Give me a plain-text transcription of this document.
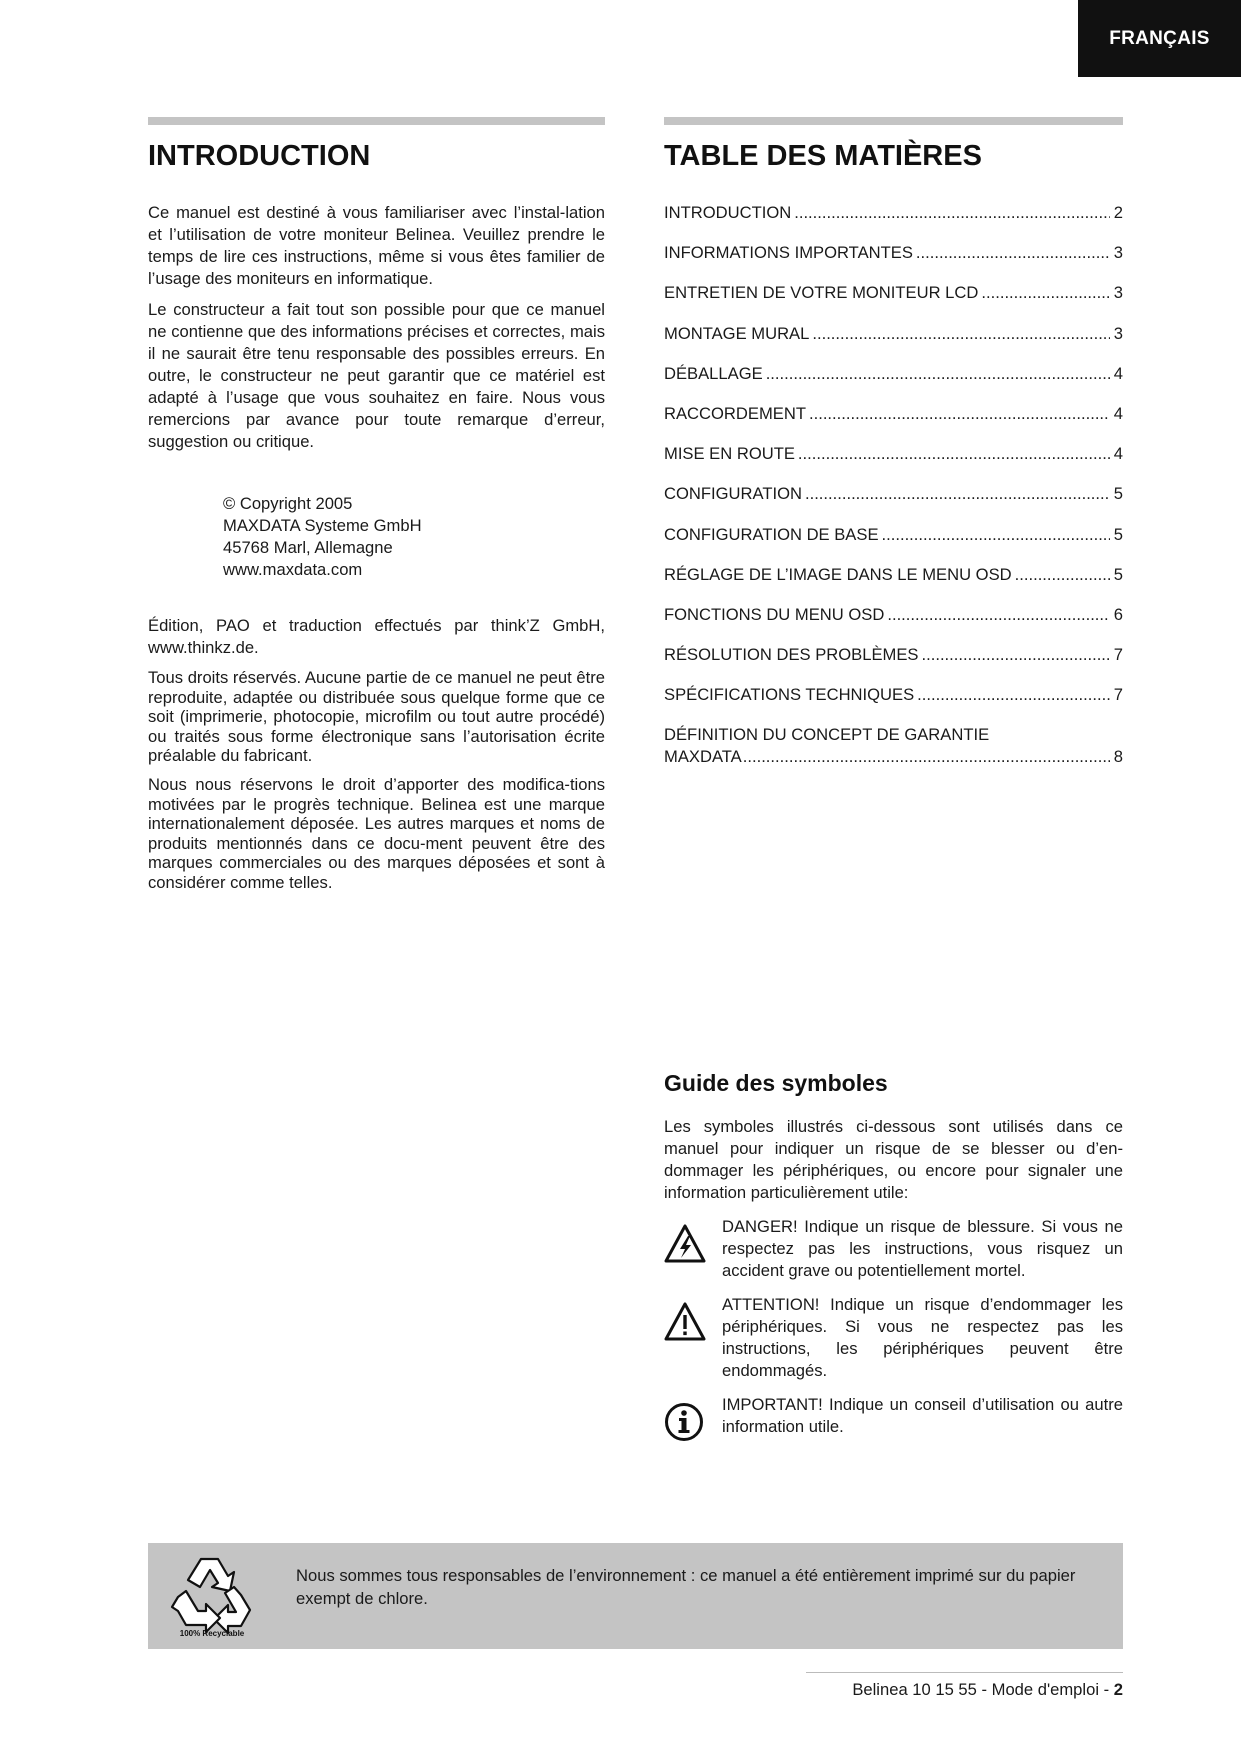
FRANÇAIS
INTRODUCTION

Ce manuel est destiné à vous familiariser avec l’instal-lation et l’utilisation de votre moniteur Belinea. Veuillez prendre le temps de lire ces instructions, même si vous êtes familier de l’usage des moniteurs en informatique.

Le constructeur a fait tout son possible pour que ce manuel ne contienne que des informations précises et correctes, mais il ne saurait être tenu responsable des possibles erreurs. En outre, le constructeur ne peut garantir que ce matériel est adapté à l’usage que vous souhaitez en faire. Nous vous remercions par avance pour toute remarque d’erreur, suggestion ou critique.

© Copyright 2005
MAXDATA Systeme GmbH
45768 Marl, Allemagne
www.maxdata.com

Édition, PAO et traduction effectués par think’Z GmbH, www.thinkz.de.

Tous droits réservés. Aucune partie de ce manuel ne peut être reproduite, adaptée ou distribuée sous quelque forme que ce soit (imprimerie, photocopie, microfilm ou tout autre procédé) ou traités sous forme électronique sans l’autorisation écrite préalable du fabricant.

Nous nous réservons le droit d’apporter des modifica-tions motivées par le progrès technique. Belinea est une marque internationalement déposée. Les autres marques et noms de produits mentionnés dans ce docu-ment peuvent être des marques commerciales ou des marques déposées et sont à considérer comme telles.

TABLE DES MATIÈRES
INTRODUCTION .....	2
INFORMATIONS IMPORTANTES .....	3
ENTRETIEN DE VOTRE MONITEUR LCD .....	3
MONTAGE MURAL .....	3
DÉBALLAGE .....	4
RACCORDEMENT .....	4
MISE EN ROUTE .....	4
CONFIGURATION .....	5
CONFIGURATION DE BASE .....	5
RÉGLAGE DE L’IMAGE DANS LE MENU OSD .....	5
FONCTIONS DU MENU OSD .....	6
RÉSOLUTION DES PROBLÈMES .....	7
SPÉCIFICATIONS TECHNIQUES .....	7
DÉFINITION DU CONCEPT DE GARANTIE
MAXDATA .....	8
Guide des symboles

Les symboles illustrés ci-dessous sont utilisés dans ce manuel pour indiquer un risque de se blesser ou d’en-dommager les périphériques, ou encore pour signaler une information particulièrement utile:

DANGER! Indique un risque de blessure. Si vous ne respectez pas les instructions, vous risquez un accident grave ou potentiellement mortel.
ATTENTION! Indique un risque d’endommager les périphériques. Si vous ne respectez pas les instructions, les périphériques peuvent être endommagés.
IMPORTANT! Indique un conseil d’utilisation ou autre information utile.
100% Recyclable
Nous sommes tous responsables de l’environnement : ce manuel a été entièrement imprimé sur du papier exempt de chlore.
Belinea 10 15 55 - Mode d'emploi - 2
